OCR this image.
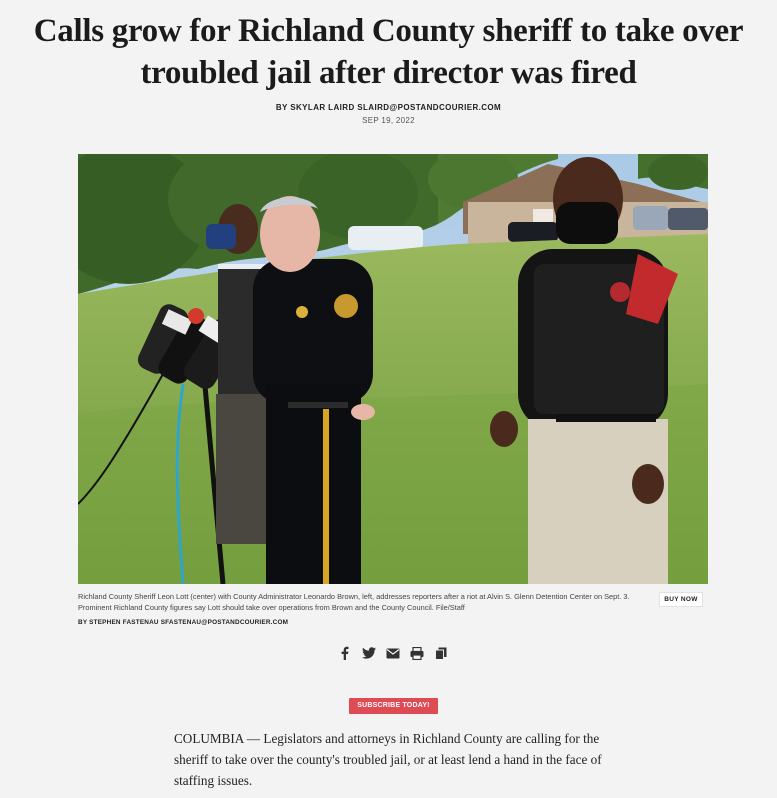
Calls grow for Richland County sheriff to take over
troubled jail after director was fired
BY SKYLAR LAIRD SLAIRD@POSTANDCOURIER.COM
SEP 19, 2022

Richland County Sheriff Leon Lott (center) with County Administrator Leonardo Brown, left, addresses reporters after a riot at Alvin S. Glenn Detention Center on Sept. 3. Prominent Richland County figures say Lott should take over operations from Brown and the County Council. File/Staff

BY STEPHEN FASTENAU SFASTENAU@POSTANDCOURIER.COM
BUY NOW
SUBSCRIBE TODAY!

COLUMBIA — Legislators and attorneys in Richland County are calling for the sheriff to take over the county's troubled jail, or at least lend a hand in the face of staffing issues.
